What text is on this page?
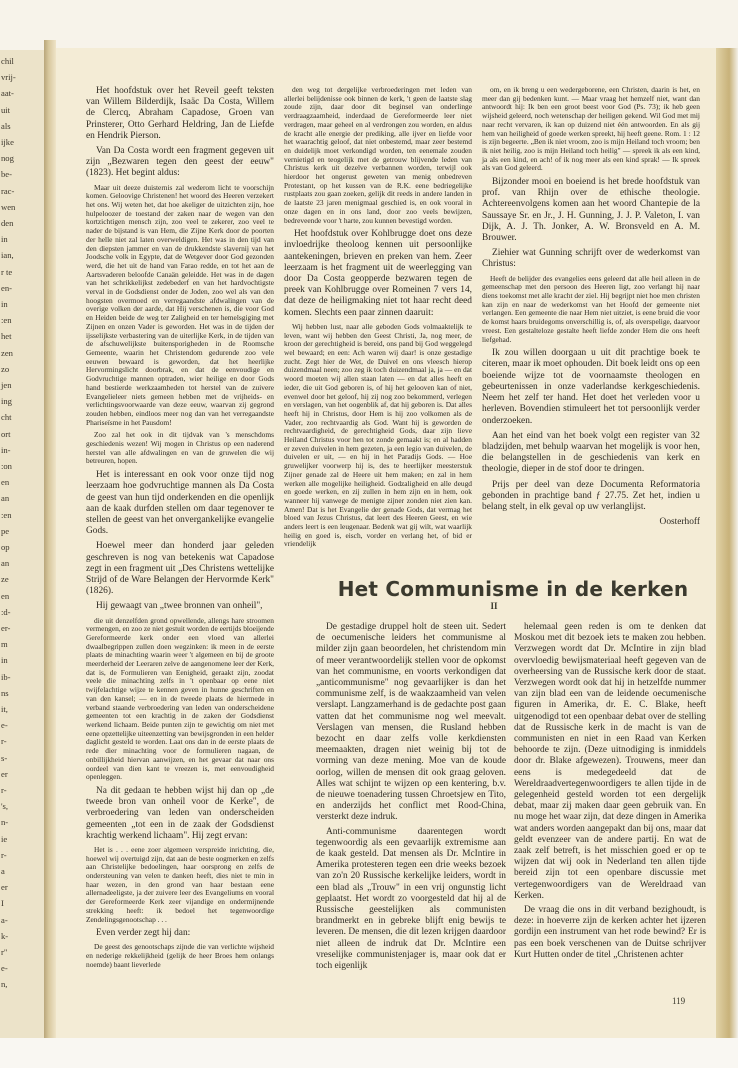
chil
vrij-
aat-
uit
als
ijke
nog
be-
rac-
wen
den
in
ian,
r te
en-
in
:en
het
zen
zo
jen
ing
cht
ort
in-
:on
en
an
:en
pe
op
an
ze
en
:d-
er-
m
in
ib-
ns
it,
e-
r-
s-
er
r-
's,
n-
ie
r-
a
er
I
a-
k-
r"
e-
n,

Het hoofdstuk over het Reveil geeft teksten van Willem Bilderdijk, Isaäc Da Costa, Willem de Clercq, Abraham Capadose, Groen van Prinsterer, Otto Gerhard Heldring, Jan de Liefde en Hendrik Pierson.

Van Da Costa wordt een fragment gegeven uit zijn „Bezwaren tegen den geest der eeuw" (1823). Het begint aldus:

Maar uit deeze duisternis zal wederom licht te voorschijn komen. Geloovige Christenen! het woord des Heeren verzekert het ons. Wij weten het, dat hoe akeliger de uitzichten zijn, hoe hulpeloozer de toestand der zaken naar de wegen van den kortzichtigen mensch zijn, zoo veel te zekerer, zoo veel te nader de bijstand is van Hem, die Zijne Kerk door de poorten der helle niet zal laten overweldigen. Het was in den tijd van den diepsten jammer en van de drukkendste slavernij van het Joodsche volk in Egypte, dat de Wetgever door God gezonden werd, die het uit de hand van Farao redde, en tot het aan de Aartsvaderen beloofde Canaän geleidde. Het was in de dagen van het schrikkelijkst zedebederf en van het hardvochtigste verval in de Godsdienst onder de Joden, zoo wel als van den hoogsten overmoed en verregaandste afdwalingen van de overige volken der aarde, dat Hij verschenen is, die voor God en Heiden beide de weg ter Zaligheid en ter hemelsgiging met Zijnen en onzen Vader is geworden. Het was in de tijden der ijsselijkste verbastering van de uiterlijke Kerk, in de tijden van de afschuwelijkste buitensporigheden in de Roomsche Gemeente, waarin het Christendom gedurende zoo vele eeuwen bewaard is geworden, dat het heerlijke Hervormingslicht doorbrak, en dat de eenvoudige en Godvruchtige mannen optraden, wier heilige en door Gods hand bestierde werkzaamheden tot herstel van de zuivere Evangelieleer niets gemeen hebben met de vrijheids- en verlichtingsvoorwaarde van deze eeuw, waarvan zij gegrond zouden hebben, eindloos meer nog dan van het verregaandste Phariseïsme in het Pausdom!

Zoo zal het ook in dit tijdvak van 's menschdoms geschiedenis wezen! Wij mogen in Christus op een naderend herstel van alle afdwalingen en van de gruwelen die wij betreuren, hopen.

Het is interessant en ook voor onze tijd nog leerzaam hoe godvruchtige mannen als Da Costa de geest van hun tijd onderkenden en die openlijk aan de kaak durfden stellen om daar tegenover te stellen de geest van het onvergankelijke evangelie Gods.

Hoewel meer dan honderd jaar geleden geschreven is nog van betekenis wat Capadose zegt in een fragment uit „Des Christens wettelijke Strijd of de Ware Belangen der Hervormde Kerk" (1826).

Hij gewaagt van „twee bronnen van onheil",

die uit denzelfden grond opwellende, allengs hare stroomen vermengen, en zoo ze niet gestuit worden de eertijds bloeijende Gereformeerde kerk onder een vloed van allerlei dwaalbegrippen zullen doen wegzinken: ik meen in de eerste plaats de minachting waarin weer 't algemeen en bij de groote meerderheid der Leeraren zelve de aangenomene leer der Kerk, dat is, de Formulieren van Eenigheid, geraakt zijn, zoodat veele die minachting zelfs in 't openbaar op eene niet twijfelachtige wijze te kennen geven in hunne geschriften en van den kansel; — en in de tweede plaats de hiermede in verband staande verbroedering van leden van onderscheidene gemeenten tot een krachtig in de zaken der Godsdienst werkend lichaam. Beide punten zijn te gewichtig om niet met eene opzettelijke uiteenzetting van bewijsgronden in een helder daglicht gesteld te worden. Laat ons dan in de eerste plaats de rede dier minachting voor de formulieren nagaan, de onbillijkheid hiervan aanwijzen, en het gevaar dat naar ons oordeel van dien kant te vreezen is, met eenvoudigheid openleggen.

Na dit gedaan te hebben wijst hij dan op „de tweede bron van onheil voor de Kerke", de verbroedering van leden van onderscheiden gemeenten „tot een in de zaak der Godsdienst krachtig werkend lichaam". Hij zegt ervan:

Het is . . . eene zoer algemeen verspreide inrichting, die, hoewel wij overtuigd zijn, dat aan de beste oogmerken en zelfs aan Christelijke bedoelingen, haar oorsprong en zelfs de ondersteuning van velen te danken heeft, dies niet te min in haar wezen, in den grond van haar bestaan eene allernadeeligste, ja der zuivere leer des Evangeliums en vooral der Gereformeerde Kerk zeer vijandige en ondermijnende strekking heeft: ik bedoel het tegenwoordige Zendelingsgenootschap . . .

Even verder zegt hij dan:

De geest des genootschaps zijnde die van verlichte wijsheid en nederige rekkelijkheid (gelijk de heer Broes hem onlangs noemde) baant lieverlede

den weg tot dergelijke verbroederingen met leden van allerlei belijdenisse ook binnen de kerk, 't geen de laatste slag zoude zijn, daar door dit beginsel van onderlinge verdraagzaamheid, inderdaad de Gereformeerde leer niet verdragen, maar geheel en al verdrongen zou worden, en aldus de kracht alle energie der prediking, alle ijver en liefde voor het waarachtig geloof, dat niet onbestemd, maar zeer bestemd en duidelijk moet verkondigd worden, ten eenemale zouden vernietigd en teogelijk met de getrouw blijvende leden van Christus kerk uit dezelve verbannen worden, terwijl ook hierdoor het ongerust geweten van menig onbedreven Protestant, op het kussen van de R.K. eene bedriegelijke rustplaats zou gaan zoeken, gelijk dit reeds in andere landen in de laatste 23 jaren menigmaal geschied is, en ook vooral in onze dagen en in ons land, door zoo veels bewijzen, bedreveende voor 't harte, zou kunnen bevestigd worden.

Het hoofdstuk over Kohlbrugge doet ons deze invloedrijke theoloog kennen uit persoonlijke aantekeningen, brieven en preken van hem. Zeer leerzaam is het fragment uit de weerlegging van door Da Costa geopperde bezwaren tegen de preek van Kohlbrugge over Romeinen 7 vers 14, dat deze de heiligmaking niet tot haar recht deed komen. Slechts een paar zinnen daaruit:

Wij hebben lust, naar alle geboden Gods volmaaktelijk te leven, want wij hebben den Geest Christi, Ja, nog meer, de kroon der gerechtigheid is bereid, ons pand bij God weggelegd wel bewaard; en een: Ach waren wij daar! is onze gestadige zucht. Zegt hier de Wet, de Duivel en ons vleesch hierop duizendmaal neen; zoo zeg ik toch duizendmaal ja, ja — en dat woord moeten wij allen staan laten — en dat alles heeft en ieder, die uit God geboren is, of hij het gelooven kan of niet, evenwel door het geloof, hij zij nog zoo bekommerd, verlegen en verslagen, van het oogenblik af, dat hij geboren is. Dat alles heeft hij in Christus, door Hem is hij zoo volkomen als de Vader, zoo rechtvaardig als God. Want hij is geworden de rechtvaardigheid, de gerechtigheid Gods, daar zijn lieve Heiland Christus voor hen tot zonde gemaakt is; en al hadden er zeven duivelen in hem gezeten, ja een legio van duivelen, de duivelen er uit, — en hij in het Paradijs Gods. — Hoe gruwelijker voorwerp hij is, des te heerlijker meesterstuk Zijner genade zal de Heere uit hem maken; en zal in hem werken alle mogelijke heiligheid. Godzaligheid en alle deugd en goede werken, en zij zullen in hem zijn en in hem, ook wanneer hij vanwege de menigte zijner zonden niet zien kan. Amen! Dat is het Evangelie der genade Gods, dat vermag het bloed van Jezus Christus, dat leert des Heeren Geest, en wie anders leert is een leugenaar. Bedenk wat gij wilt, wat waarlijk heilig en goed is, eisch, vorder en verlang het, of bid er vriendelijk

om, en ik breng u een wedergeborene, een Christen, daarin is het, en meer dan gij bedenken kunt. — Maar vraag het hemzelf niet, want dan antwoordt hij: Ik ben een groot beest voor God (Ps. 73); ik heb geen wijsheid geleerd, noch wetenschap der heiligen gekend. Wil God met mij naar recht vervaren, ik kan op duizend niet één antwoorden. En als gij hem van heiligheid of goede werken spreekt, hij heeft geene. Rom. 1 : 12 is zijn begeerte. „Ben ik niet vroom, zoo is mijn Heiland toch vroom; ben ik niet heilig, zoo is mijn Heiland toch heilig" — spreek ik als een kind, ja als een kind, en ach! of ik nog meer als een kind sprak! — Ik spreek als van God geleerd.

Bijzonder mooi en boeiend is het brede hoofdstuk van prof. van Rhijn over de ethische theologie. Achtereenvolgens komen aan het woord Chantepie de la Saussaye Sr. en Jr., J. H. Gunning, J. J. P. Valeton, I. van Dijk, A. J. Th. Jonker, A. W. Bronsveld en A. M. Brouwer.

Ziehier wat Gunning schrijft over de wederkomst van Christus:

Heeft de belijder des evangelies eens geleerd dat alle heil alleen in de gemeenschap met den persoon des Heeren ligt, zoo verlangt hij naar diens toekomst met alle kracht der ziel. Hij begrijpt niet hoe men christen kan zijn en naar de wederkomst van het Hoofd der gemeente niet verlangen. Een gemeente die naar Hem niet uitziet, is eene bruid die voor de komst haars bruidegoms onverschillig is, of, als overspelige, daarvoor vreest. Een gestalteloze gestalte heeft liefde zonder Hem die ons heeft liefgehad.

Ik zou willen doorgaan u uit dit prachtige boek te citeren, maar ik moet ophouden. Dit boek leidt ons op een boeiende wijze tot de voornaamste theologen en gebeurtenissen in onze vaderlandse kerkgeschiedenis. Neem het zelf ter hand. Het doet het verleden voor u herleven. Bovendien stimuleert het tot persoonlijk verder onderzoeken.

Aan het eind van het boek volgt een register van 32 bladzijden, met behulp waarvan het mogelijk is voor hen, die belangstellen in de geschiedenis van kerk en theologie, dieper in de stof door te dringen.

Prijs per deel van deze Documenta Reformatoria gebonden in prachtige band ƒ 27.75. Zet het, indien u belang stelt, in elk geval op uw verlanglijst.

Oosterhoff

Het Communisme in de kerken
II

De gestadige druppel holt de steen uit. Sedert de oecumenische leiders het communisme al milder zijn gaan beoordelen, het christendom min of meer verantwoordelijk stellen voor de opkomst van het communisme, en voorts verkondigen dat „anticommunisme" nog gevaarlijker is dan het communisme zelf, is de waakzaamheid van velen verslapt. Langzamerhand is de gedachte post gaan vatten dat het communisme nog wel meevalt. Verslagen van mensen, die Rusland hebben bezocht en daar zelfs volle kerkdiensten meemaakten, dragen niet weinig bij tot de vorming van deze mening. Moe van de koude oorlog, willen de mensen dit ook graag geloven. Alles wat schijnt te wijzen op een kentering, b.v. de nieuwe toenadering tussen Chroetsjew en Tito, en anderzijds het conflict met Rood-China, versterkt deze indruk.

Anti-communisme daarentegen wordt tegenwoordig als een gevaarlijk extremisme aan de kaak gesteld. Dat mensen als Dr. McIntire in Amerika protesteren tegen een drie weeks bezoek van zo'n 20 Russische kerkelijke leiders, wordt in een blad als „Trouw" in een vrij ongunstig licht geplaatst. Het wordt zo voorgesteld dat hij al de Russische geestelijken als communisten brandmerkt en in gebreke blijft enig bewijs te leveren. De mensen, die dit lezen krijgen daardoor niet alleen de indruk dat Dr. McIntire een vreselijke communistenjager is, maar ook dat er toch eigenlijk

helemaal geen reden is om te denken dat Moskou met dit bezoek iets te maken zou hebben. Verzwegen wordt dat Dr. McIntire in zijn blad overvloedig bewijsmateriaal heeft gegeven van de overheersing van de Russische kerk door de staat. Verzwegen wordt ook dat hij in hetzelfde nummer van zijn blad een van de leidende oecumenische figuren in Amerika, dr. E. C. Blake, heeft uitgenodigd tot een openbaar debat over de stelling dat de Russische kerk in de macht is van de communisten en niet in een Raad van Kerken behoorde te zijn. (Deze uitnodiging is inmiddels door dr. Blake afgewezen). Trouwens, meer dan eens is medegedeeld dat de Wereldraadvertegenwoordigers te allen tijde in de gelegenheid gesteld worden tot een dergelijk debat, maar zij maken daar geen gebruik van. En nu moge het waar zijn, dat deze dingen in Amerika wat anders worden aangepakt dan bij ons, maar dat geldt evenzeer van de andere partij. En wat de zaak zelf betreft, is het misschien goed er op te wijzen dat wij ook in Nederland ten allen tijde bereid zijn tot een openbare discussie met vertegenwoordigers van de Wereldraad van Kerken.

De vraag die ons in dit verband bezighoudt, is deze: in hoeverre zijn de kerken achter het ijzeren gordijn een instrument van het rode bewind? Er is pas een boek verschenen van de Duitse schrijver Kurt Hutten onder de titel „Christenen achter

119
